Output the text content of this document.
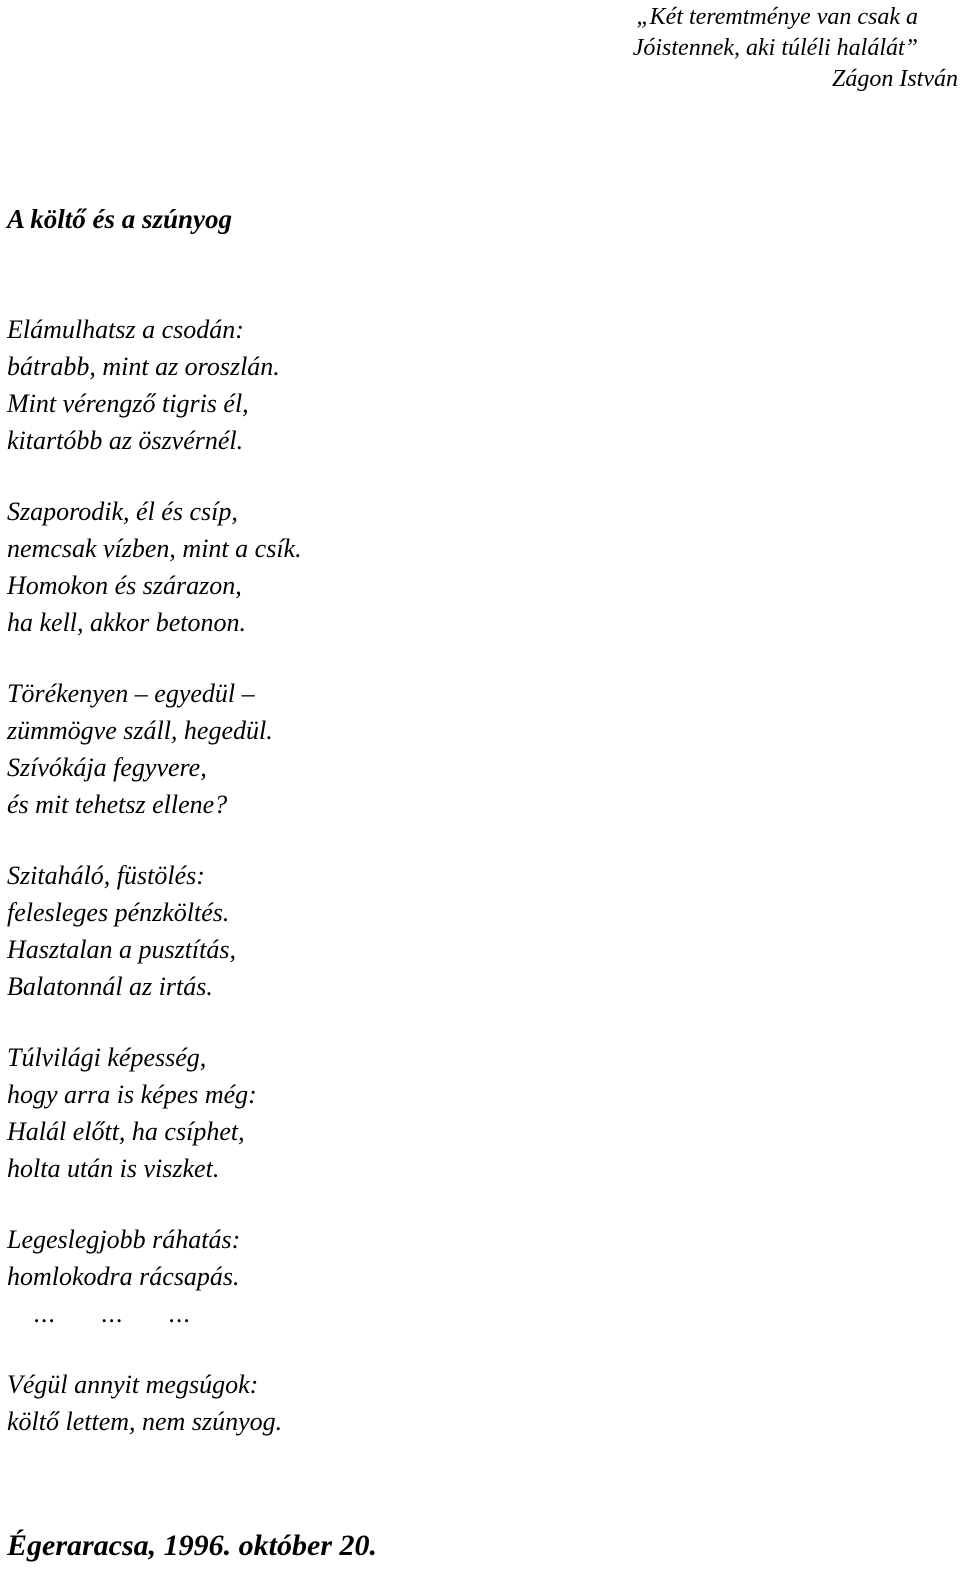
„Két teremtménye van csak a
Jóistennek, aki túléli halálát”
Zágon István
A költő és a szúnyog
Elámulhatsz a csodán:
bátrabb, mint az oroszlán.
Mint vérengző tigris él,
kitartóbb az öszvérnél.
Szaporodik, él és csíp,
nemcsak vízben, mint a csík.
Homokon és szárazon,
ha kell, akkor betonon.
Törékenyen – egyedül –
zümmögve száll, hegedül.
Szívókája fegyvere,
és mit tehetsz ellene?
Szitaháló, füstölés:
felesleges pénzköltés.
Hasztalan a pusztítás,
Balatonnál az irtás.
Túlvilági képesség,
hogy arra is képes még:
Halál előtt, ha csíphet,
holta után is viszket.
Legeslegjobb ráhatás:
homlokodra rácsapás.
...      ...      ...
Végül annyit megsúgok:
költő lettem, nem szúnyog.
Égeraracsa, 1996. október 20.
